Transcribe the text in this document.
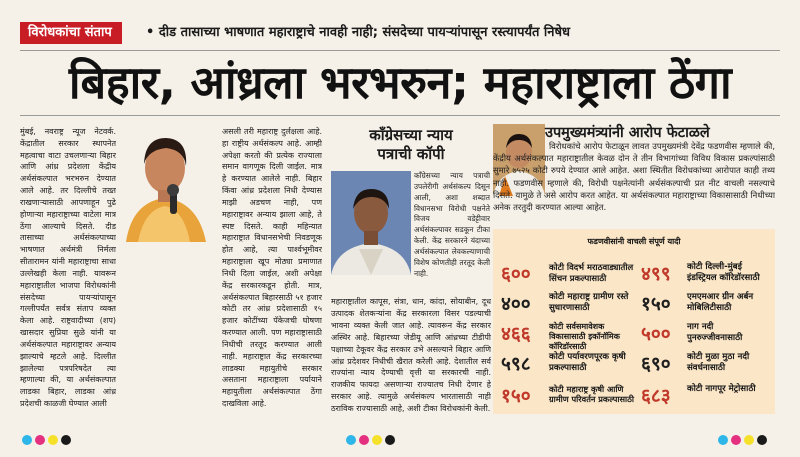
विरोधकांचा संताप	• दीड तासाच्या भाषणात महाराष्ट्राचे नावही नाही; संसदेच्या पायऱ्यांपासून रस्त्यापर्यंत निषेध
बिहार, आंध्रला भरभरुन; महाराष्ट्राला ठेंगा

मुंबई, नवराष्ट्र न्यूज नेटवर्क. केंद्रातील सरकार स्थापनेत महत्वाचा वाटा उचलणाऱ्या बिहार आणि आंध्र प्रदेशला केंद्रीय अर्थसंकल्पात भरभरुन देण्यात आले आहे. तर दिल्लीचे तख्त राखणाऱ्यासाठी आपणाहून पुढे होणाऱ्या महाराष्ट्राच्या वाटेला मात्र ठेंगा आल्याचे दिसते. दीड तासाच्या अर्थसंकल्पाच्या भाषणात अर्थमंत्री निर्मला सीतारामन यांनी महाराष्ट्राचा साधा उल्लेखही केला नाही. यावरून महाराष्ट्रातील भाजपा विरोधकांनी संसदेच्या पायऱ्यांपासून गल्लीपर्यंत सर्वत्र संताप व्यक्त केला आहे. राष्ट्रवादीच्या (शप) खासदार सुप्रिया सुळे यांनी या अर्थसंकल्पात महाराष्ट्रावर अन्याय झाल्याचे म्हटले आहे. दिल्लीत झालेल्या पत्रपरिषदेत त्या म्हणाल्या की, या अर्थसंकल्पात लाडका बिहार, लाडका आंध्र प्रदेशची काळजी घेण्यात आली

असली तरी महाराष्ट्र दुर्लक्षला आहे. हा राष्ट्रीय अर्थसंकल्प आहे. आम्ही अपेक्षा करतो की प्रत्येक राज्याला समान वागणूक दिली जाईल. मात्र हे करण्यात आलेले नाही. बिहार किंवा आंध्र प्रदेशला निधी देण्यास माझी अडचण नाही, पण महाराष्ट्रावर अन्याय झाला आहे, ते स्पष्ट दिसते. काही महिन्यात महाराष्ट्रात विधानसभेची निवडणूक होत आहे, त्या पार्श्वभूमीवर महाराष्ट्राला खूप मोठ्या प्रमाणात निधी दिला जाईल, अशी अपेक्षा केंद्र सरकारकडून होती. मात्र, अर्थसंकल्पात बिहारसाठी ५१ हजार कोटी तर आंध्र प्रदेशासाठी १५ हजार कोटींच्या पॅकेजची घोषणा करण्यात आली. पण महाराष्ट्रासाठी निधीची तरतूद करण्यात आली नाही. महाराष्ट्रात केंद्र सरकारच्या लाडक्या महायुतीचे सरकार असताना महाराष्ट्राला पर्यायाने महायुतीला अर्थसंकल्पात ठेंगा दाखविला आहे.

कॉंग्रेसच्या न्याय
पत्राची कॉपी

कॉंग्रेसच्या न्याय पत्राची उपलेरीगी अर्थसंकल्प दिसून आली, अशा शब्दात विधानसभा विरोधी पक्षनेते विजय वडेट्टीवार अर्थसंकल्पावर सडकून टीका केली. केंद्र सरकारने यंदाच्या अर्थसंकल्पात लेवकल्याणाची विशेष कोणतीही तरतूद केली नाही.

महाराष्ट्रातील कापूस, संत्रा, धान, कांदा, सोयाबीन, दूध उत्पादक शेतकऱ्यांना केंद्र सरकारला विसर पडल्याची भावना व्यक्त केली जात आहे. त्यावरून केंद्र सरकार अस्थिर आहे. बिहारच्या जेडीयू आणि आंध्रच्या टीडीपी पक्षाच्या टेकूवर केंद्र सरकार उभे असल्याने बिहार आणि आंध्र प्रदेशवर निधीची खैरात करेली आहे. देशातील सर्व राज्यांना न्याय देण्याची वृत्ती या सरकारची नाही. राजकीय फायदा असणाऱ्या राज्यातच निधी देणार हे सरकार आहे. त्यामुळे अर्थसंकल्प भारतासाठी नाही ठराविक राज्यासाठी आहे, अशी टीका विरोधकांनी केली.

उपमुख्यमंत्र्यांनी आरोप फेटाळले

विरोधकांचे आरोप फेटाळून लावत उपमुख्यमंत्री देवेंद्र फडणवीस म्हणाले की, केंद्रीय अर्थसंकल्पात महाराष्ट्रातील केवळ दोन ते तीन विभागांच्या विविध विकास प्रकल्पांसाठी सुमारे ७५२५ कोटी रुपये देण्यात आले आहेत. अशा स्थितीत विरोधकांच्या आरोपात काही तथ्य नाही. फडणवीस म्हणाले की, विरोधी पक्षनेत्यांनी अर्थसंकल्पाची प्रत नीट वाचली नसल्याचे दिसते. यामुळे ते असे आरोप करत आहेत. या अर्थसंकल्पात महाराष्ट्राच्या विकासासाठी निधीच्या अनेक तरतुदी करण्यात आल्या आहेत.

फडणवीसांनी वाचली संपूर्ण यादी
६०० कोटी विदर्भ मराठवाड्यातील सिंचन प्रकल्पासाठी
४०० कोटी महाराष्ट्र ग्रामीण रस्ते सुधारणासाठी
४६६ कोटी सर्वसमावेशक विकासासाठी इकॉनॉमिक कॉरिडॉरसाठी
५९८ कोटी पर्यावरणपूरक कृषी प्रकल्पासाठी
१५० कोटी महाराष्ट्र कृषी आणि ग्रामीण परिवर्तन प्रकल्पासाठी
४९९ कोटी दिल्ली-मुंबई इंडस्ट्रियल कॉरिडॉरसाठी
१५० एमएमआर ग्रीन अर्बन मोबिलिटीसाठी
५०० नाग नदी पुनरुज्जीवनासाठी
६९० कोटी मुळा मुठा नदी संवर्धनासाठी
६८३ कोटी नागपूर मेट्रोसाठी
